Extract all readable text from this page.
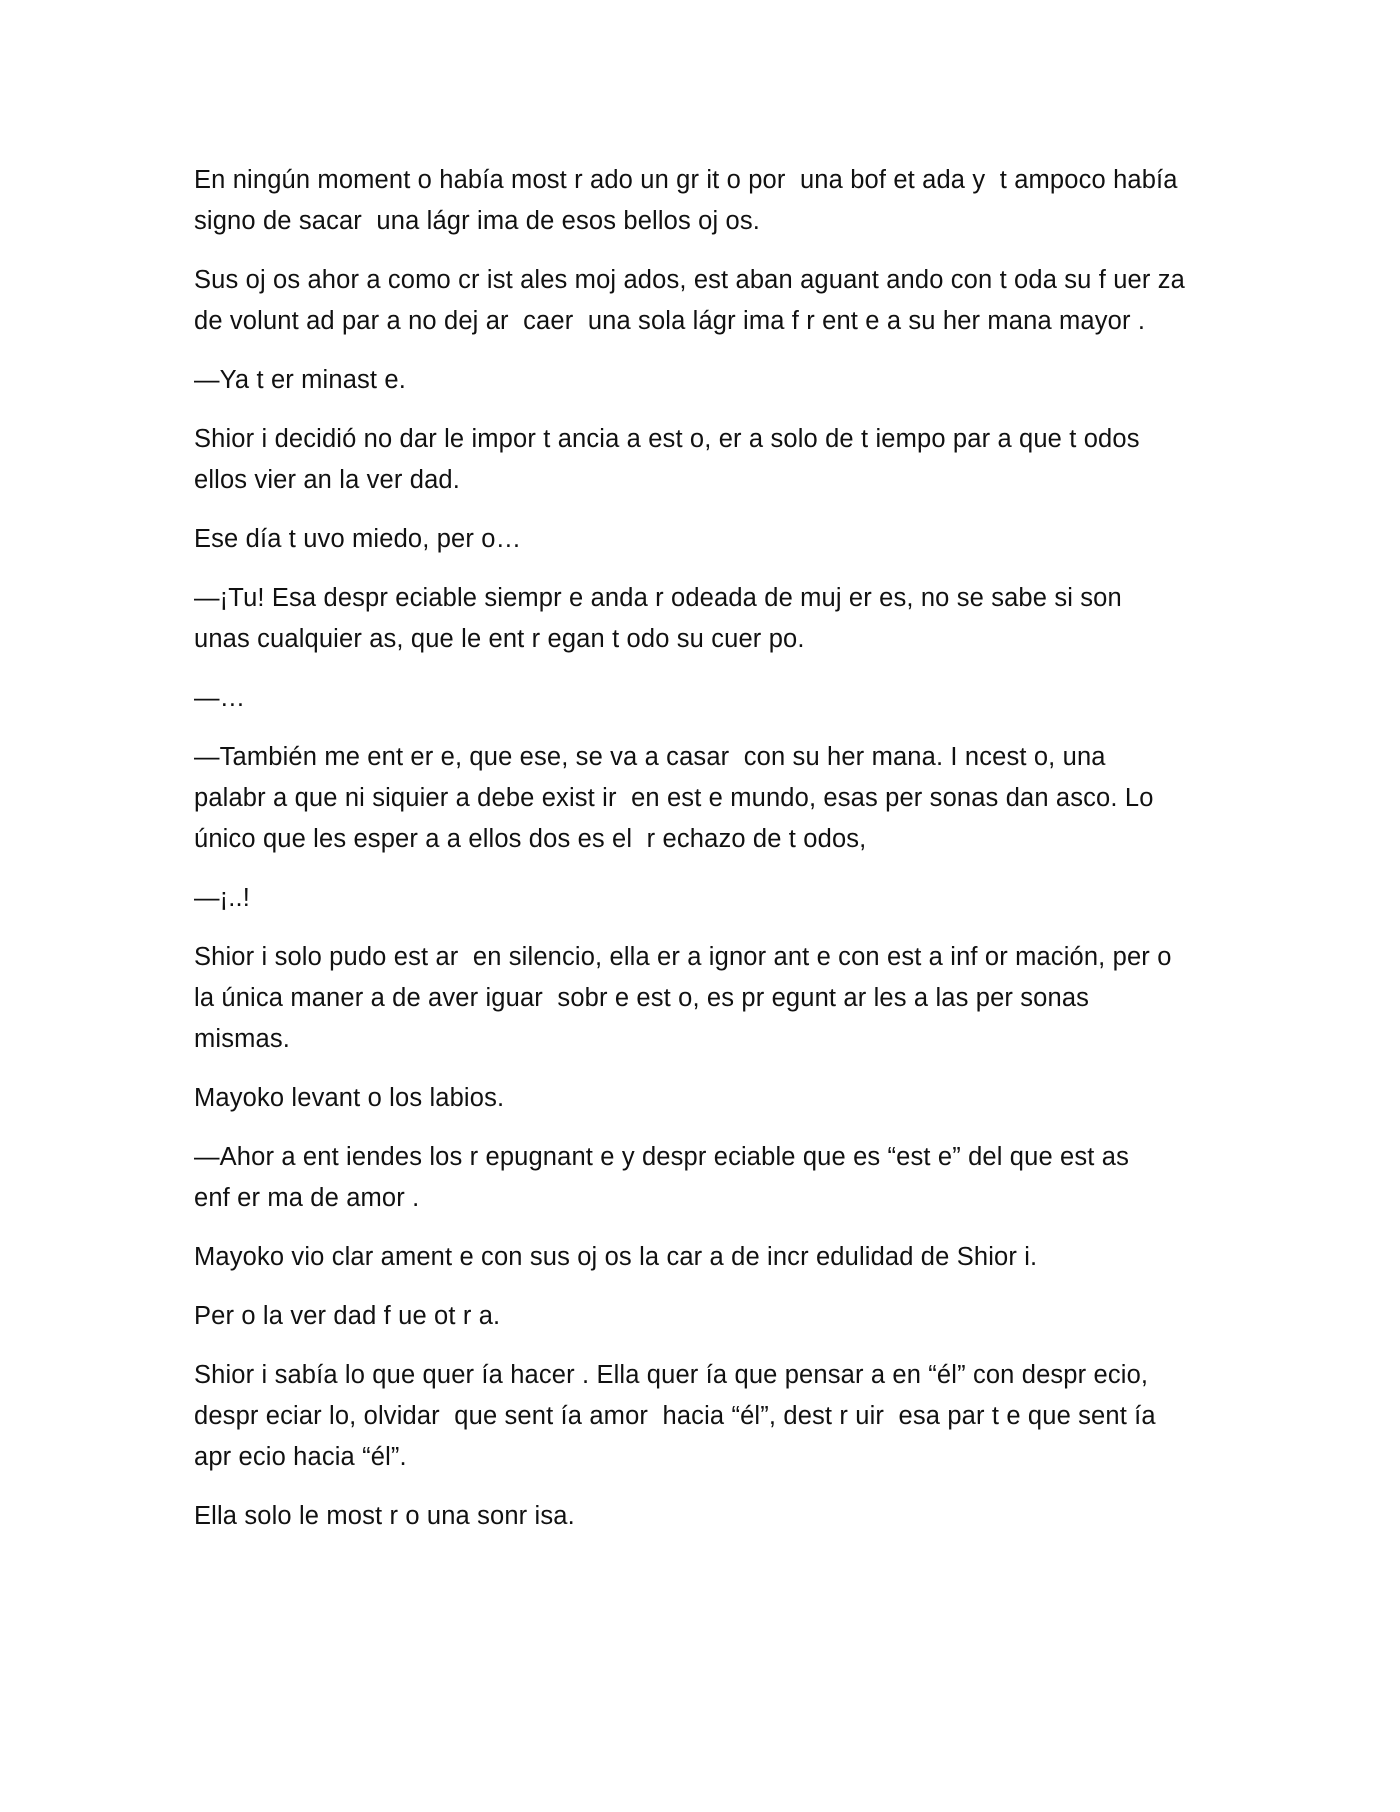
En ningún moment o había most r ado un gr it o por  una bof et ada y  t ampoco había
signo de sacar  una lágr ima de esos bellos oj os.

Sus oj os ahor a como cr ist ales moj ados, est aban aguant ando con t oda su f uer za
de volunt ad par a no dej ar  caer  una sola lágr ima f r ent e a su her mana mayor .

—Ya t er minast e.

Shior i decidió no dar le impor t ancia a est o, er a solo de t iempo par a que t odos
ellos vier an la ver dad.

Ese día t uvo miedo, per o…

—¡Tu! Esa despr eciable siempr e anda r odeada de muj er es, no se sabe si son
unas cualquier as, que le ent r egan t odo su cuer po.

—…

—También me ent er e, que ese, se va a casar  con su her mana. I ncest o, una
palabr a que ni siquier a debe exist ir  en est e mundo, esas per sonas dan asco. Lo
único que les esper a a ellos dos es el  r echazo de t odos,

—¡..!

Shior i solo pudo est ar  en silencio, ella er a ignor ant e con est a inf or mación, per o
la única maner a de aver iguar  sobr e est o, es pr egunt ar les a las per sonas
mismas.

Mayoko levant o los labios.

—Ahor a ent iendes los r epugnant e y despr eciable que es “est e” del que est as
enf er ma de amor .

Mayoko vio clar ament e con sus oj os la car a de incr edulidad de Shior i.

Per o la ver dad f ue ot r a.

Shior i sabía lo que quer ía hacer . Ella quer ía que pensar a en “él” con despr ecio,
despr eciar lo, olvidar  que sent ía amor  hacia “él”, dest r uir  esa par t e que sent ía
apr ecio hacia “él”.

Ella solo le most r o una sonr isa.
